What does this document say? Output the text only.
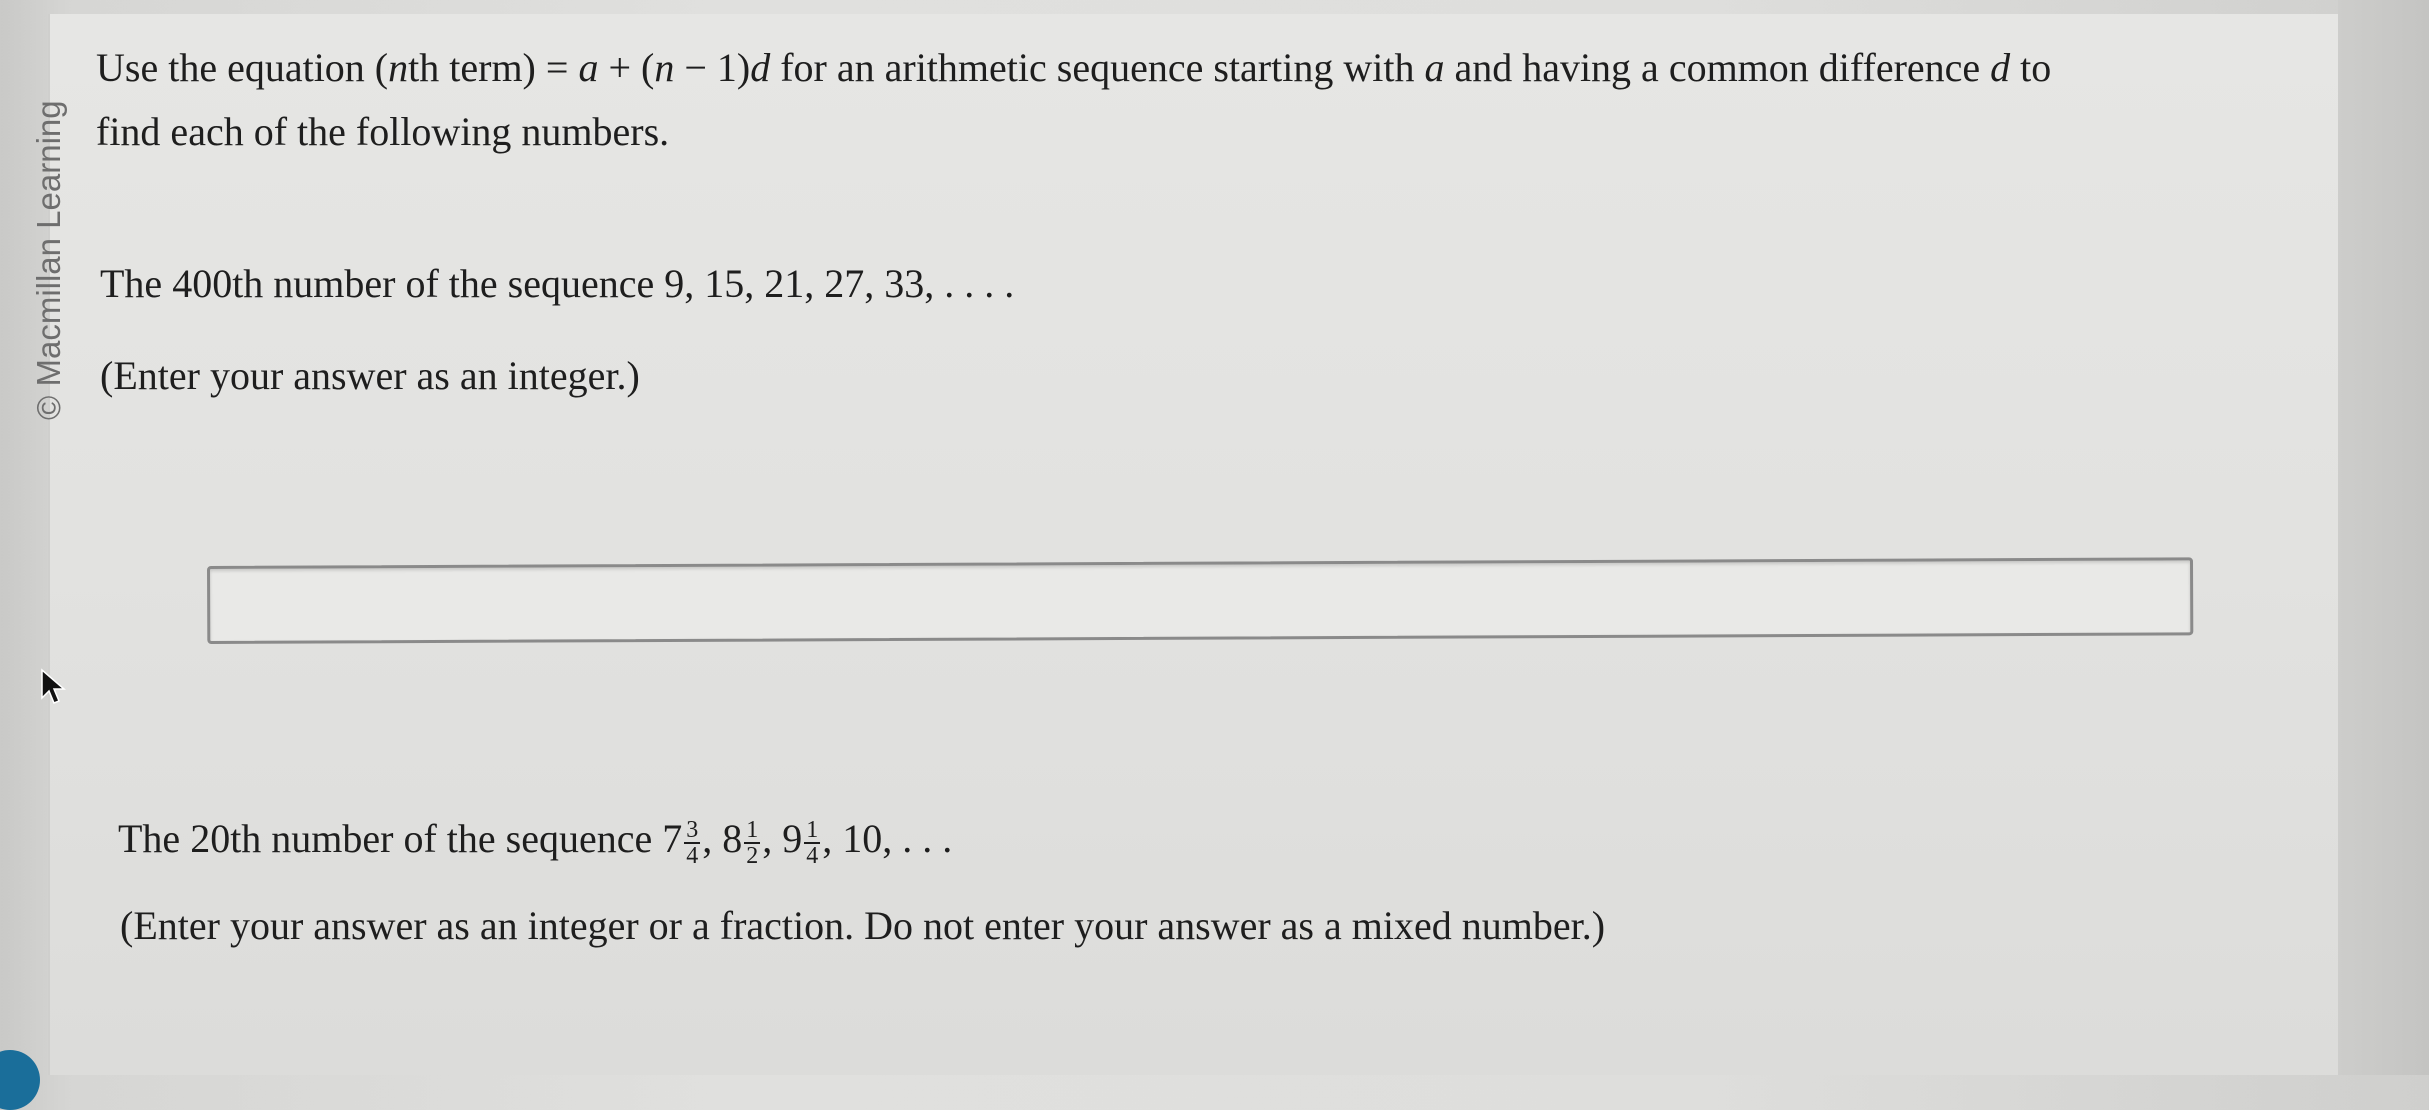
© Macmillan Learning
Use the equation (nth term) = a + (n − 1)d for an arithmetic sequence starting with a and having a common difference d to
find each of the following numbers.
The 400th number of the sequence 9, 15, 21, 27, 33, . . . .
(Enter your answer as an integer.)
The 20th number of the sequence $7 \frac{3}{4}$ , $8 \frac{1}{2}$ , $9 \frac{1}{4}$ , 10, . . .
(Enter your answer as an integer or a fraction. Do not enter your answer as a mixed number.)
